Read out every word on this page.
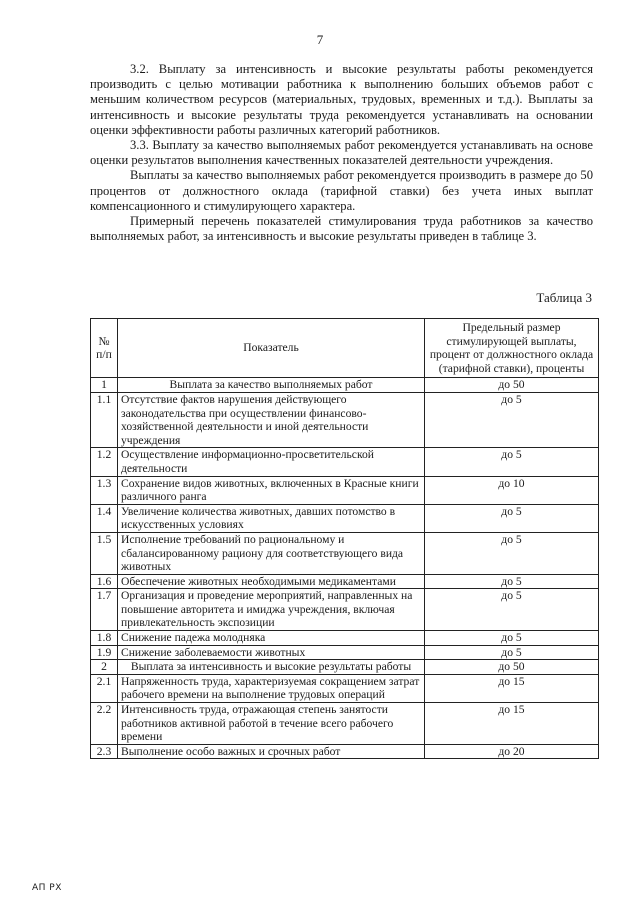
7

3.2. Выплату за интенсивность и высокие результаты работы рекомендуется производить с целью мотивации работника к выполнению больших объемов работ с меньшим количеством ресурсов (материальных, трудовых, временных и т.д.). Выплаты за интенсивность и высокие результаты труда рекомендуется устанавливать на основании оценки эффективности работы различных категорий работников.

3.3. Выплату за качество выполняемых работ рекомендуется устанавливать на основе оценки результатов выполнения качественных показателей деятельности учреждения.

Выплаты за качество выполняемых работ рекомендуется производить в размере до 50 процентов от должностного оклада (тарифной ставки) без учета иных выплат компенсационного и стимулирующего характера.

Примерный перечень показателей стимулирования труда работников за качество выполняемых работ, за интенсивность и высокие результаты приведен в таблице 3.

Таблица 3
№ п/п	Показатель	Предельный размер стимулирующей выплаты, процент от должностного оклада (тарифной ставки), проценты
1	Выплата за качество выполняемых работ	до 50
1.1	Отсутствие фактов нарушения действующего законодательства при осуществлении финансово-хозяйственной деятельности и иной деятельности учреждения	до 5
1.2	Осуществление информационно-просветительской деятельности	до 5
1.3	Сохранение видов животных, включенных в Красные книги различного ранга	до 10
1.4	Увеличение количества животных, давших потомство в искусственных условиях	до 5
1.5	Исполнение требований по рациональному и сбалансированному рациону для соответствующего вида животных	до 5
1.6	Обеспечение животных необходимыми медикаментами	до 5
1.7	Организация и проведение мероприятий, направленных на повышение авторитета и имиджа учреждения, включая привлекательность экспозиции	до 5
1.8	Снижение падежа молодняка	до 5
1.9	Снижение заболеваемости животных	до 5
2	Выплата за интенсивность и высокие результаты работы	до 50
2.1	Напряженность труда, характеризуемая сокращением затрат рабочего времени на выполнение трудовых операций	до 15
2.2	Интенсивность труда, отражающая степень занятости работников активной работой в течение всего рабочего времени	до 15
2.3	Выполнение особо важных и срочных работ	до 20
АП РХ
